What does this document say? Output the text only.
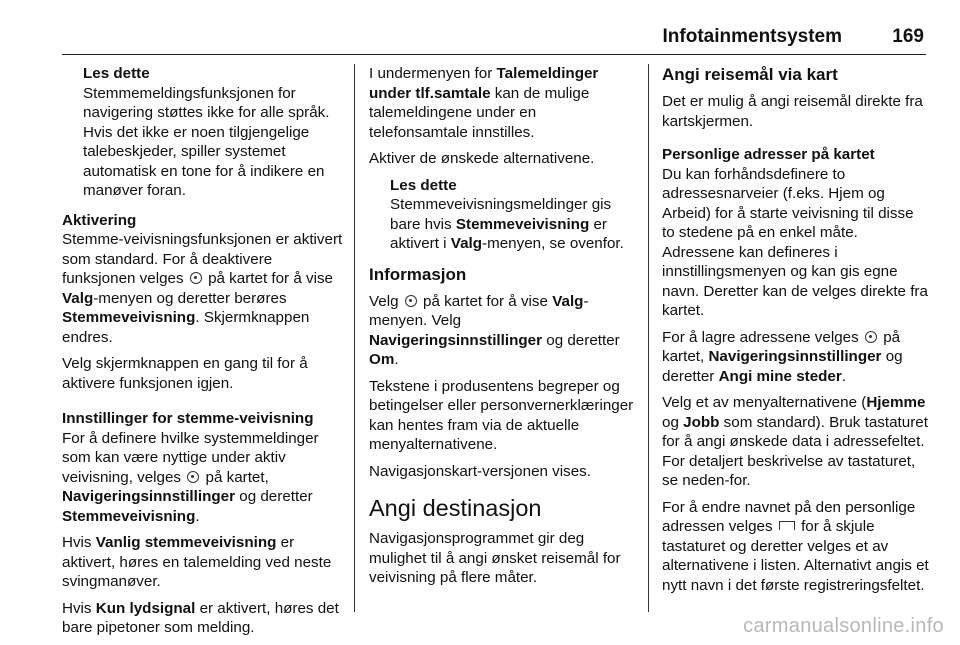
Infotainmentsystem	169
Les dette
Stemmemeldingsfunksjonen for navigering støttes ikke for alle språk. Hvis det ikke er noen tilgjengelige talebeskjeder, spiller systemet automatisk en tone for å indikere en manøver foran.
Aktivering

Stemme-veivisningsfunksjonen er aktivert som standard. For å deaktivere funksjonen velges på kartet for å vise Valg-menyen og deretter berøres Stemmeveivisning. Skjermknappen endres.

Velg skjermknappen en gang til for å aktivere funksjonen igjen.

Innstillinger for stemme-veivisning

For å definere hvilke systemmeldinger som kan være nyttige under aktiv veivisning, velges på kartet, Navigeringsinnstillinger og deretter Stemmeveivisning.

Hvis Vanlig stemmeveivisning er aktivert, høres en talemelding ved neste svingmanøver.

Hvis Kun lydsignal er aktivert, høres det bare pipetoner som melding.

I undermenyen for Talemeldinger under tlf.samtale kan de mulige talemeldingene under en telefonsamtale innstilles.

Aktiver de ønskede alternativene.

Les dette
Stemmeveivisningsmeldinger gis bare hvis Stemmeveivisning er aktivert i Valg-menyen, se ovenfor.
Informasjon

Velg på kartet for å vise Valg-menyen. Velg Navigeringsinnstillinger og deretter Om.

Tekstene i produsentens begreper og betingelser eller personvernerklæringer kan hentes fram via de aktuelle menyalternativene.

Navigasjonskart-versjonen vises.

Angi destinasjon

Navigasjonsprogrammet gir deg mulighet til å angi ønsket reisemål for veivisning på flere måter.

Angi reisemål via kart

Det er mulig å angi reisemål direkte fra kartskjermen.

Personlige adresser på kartet

Du kan forhåndsdefinere to adressesnarveier (f.eks. Hjem og Arbeid) for å starte veivisning til disse to stedene på en enkel måte. Adressene kan defineres i innstillingsmenyen og kan gis egne navn. Deretter kan de velges direkte fra kartet.

For å lagre adressene velges på kartet, Navigeringsinnstillinger og deretter Angi mine steder.

Velg et av menyalternativene (Hjemme og Jobb som standard). Bruk tastaturet for å angi ønskede data i adressefeltet. For detaljert beskrivelse av tastaturet, se neden-for.

For å endre navnet på den personlige adressen velges for å skjule tastaturet og deretter velges et av alternativene i listen. Alternativt angis et nytt navn i det første registreringsfeltet.

carmanualsonline.info
